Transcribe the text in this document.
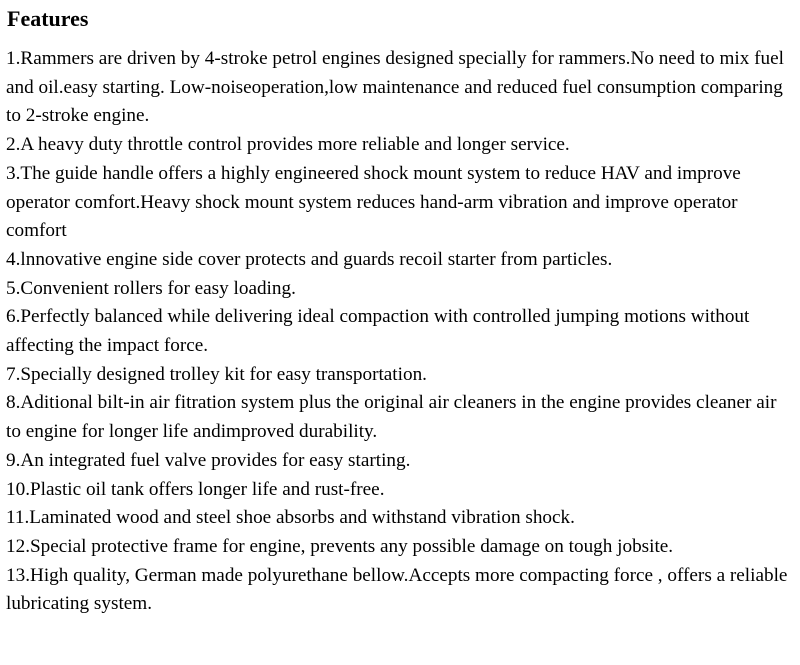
Features
1.Rammers are driven by 4-stroke petrol engines designed specially for rammers.No need to mix fuel and oil.easy starting. Low-noiseoperation,low maintenance and reduced fuel consumption comparing to 2-stroke engine.
2.A heavy duty throttle control provides more reliable and longer service.
3.The guide handle offers a highly engineered shock mount system to reduce HAV and improve operator comfort.Heavy shock mount system reduces hand-arm vibration and improve operator comfort
4.lnnovative engine side cover protects and guards recoil starter from particles.
5.Convenient rollers for easy loading.
6.Perfectly balanced while delivering ideal compaction with controlled jumping motions without affecting the impact force.
7.Specially designed trolley kit for easy transportation.
8.Aditional bilt-in air fitration system plus the original air cleaners in the engine provides cleaner air to engine for longer life andimproved durability.
9.An integrated fuel valve provides for easy starting.
10.Plastic oil tank offers longer life and rust-free.
11.Laminated wood and steel shoe absorbs and withstand vibration shock.
12.Special protective frame for engine, prevents any possible damage on tough jobsite.
13.High quality, German made polyurethane bellow.Accepts more compacting force , offers a reliable lubricating system.
